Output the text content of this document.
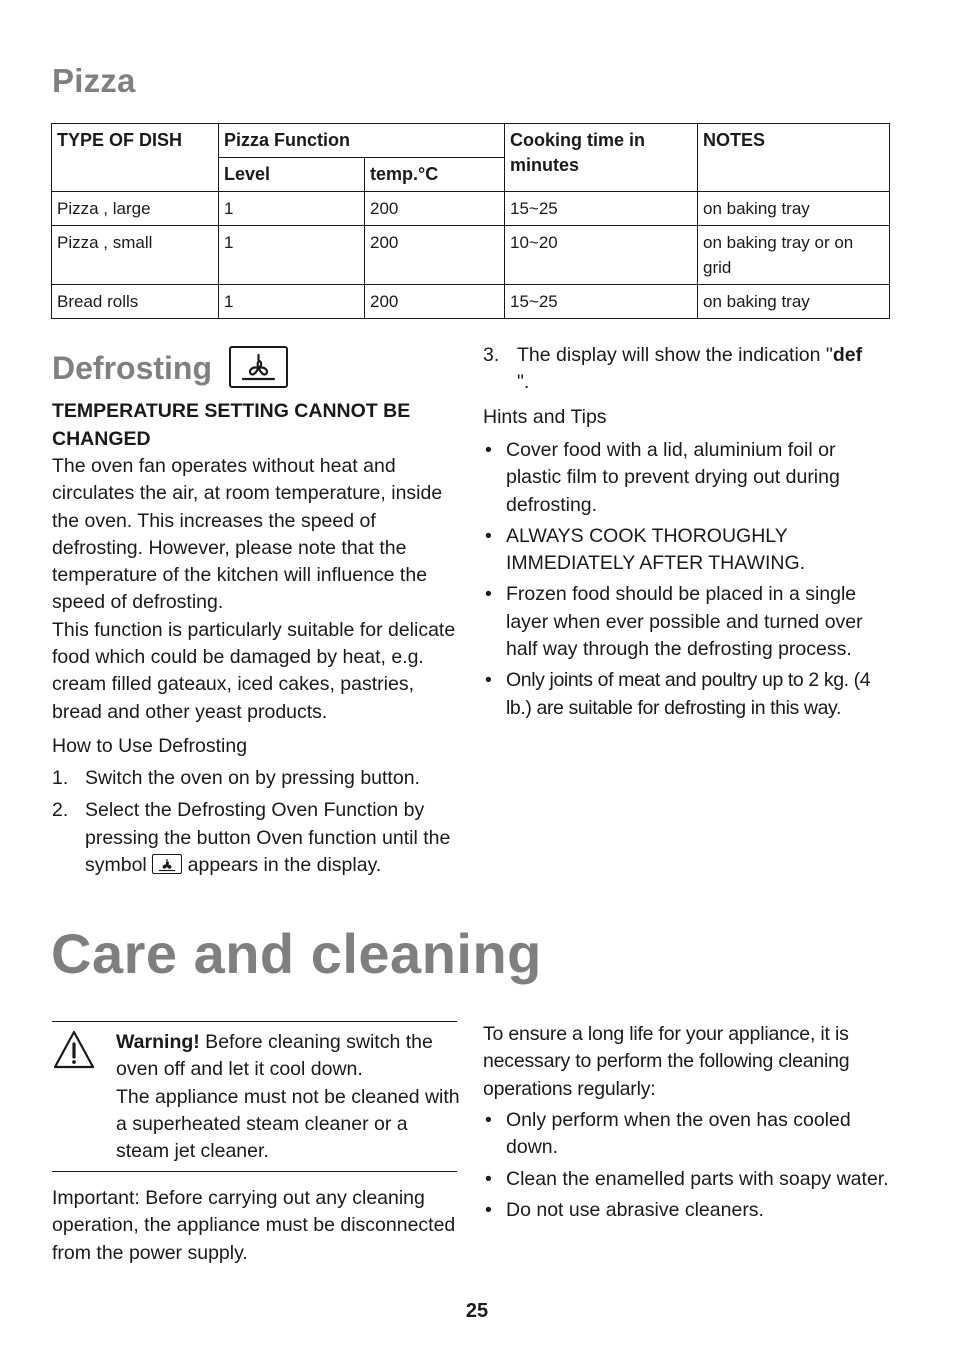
Pizza
TYPE OF DISH	Pizza Function		Cooking time in minutes	NOTES
	Level	temp.°C		
Pizza , large	1	200	15~25	on baking tray
Pizza , small	1	200	10~20	on baking tray or on grid
Bread rolls	1	200	15~25	on baking tray
Defrosting
TEMPERATURE SETTING CANNOT BE CHANGED
The oven fan operates without heat and circulates the air, at room temperature, inside the oven. This increases the speed of defrosting. However, please note that the temperature of the kitchen will influence the speed of defrosting.
This function is particularly suitable for delicate food which could be damaged by heat, e.g. cream filled gateaux, iced cakes, pastries, bread and other yeast products.
How to Use Defrosting
1. Switch the oven on by pressing button.
2. Select the Defrosting Oven Function by pressing the button Oven function until the symbol appears in the display.
3. The display will show the indication "def
".
Hints and Tips
• Cover food with a lid, aluminium foil or plastic film to prevent drying out during defrosting.
• ALWAYS COOK THOROUGHLY IMMEDIATELY AFTER THAWING.
• Frozen food should be placed in a single layer when ever possible and turned over half way through the defrosting process.
• Only joints of meat and poultry up to 2 kg. (4 lb.) are suitable for defrosting in this way.
Care and cleaning
Warning! Before cleaning switch the oven off and let it cool down.
The appliance must not be cleaned with a superheated steam cleaner or a steam jet cleaner.
Important: Before carrying out any cleaning operation, the appliance must be disconnected from the power supply.
To ensure a long life for your appliance, it is necessary to perform the following cleaning operations regularly:
• Only perform when the oven has cooled down.
• Clean the enamelled parts with soapy water.
• Do not use abrasive cleaners.
25
